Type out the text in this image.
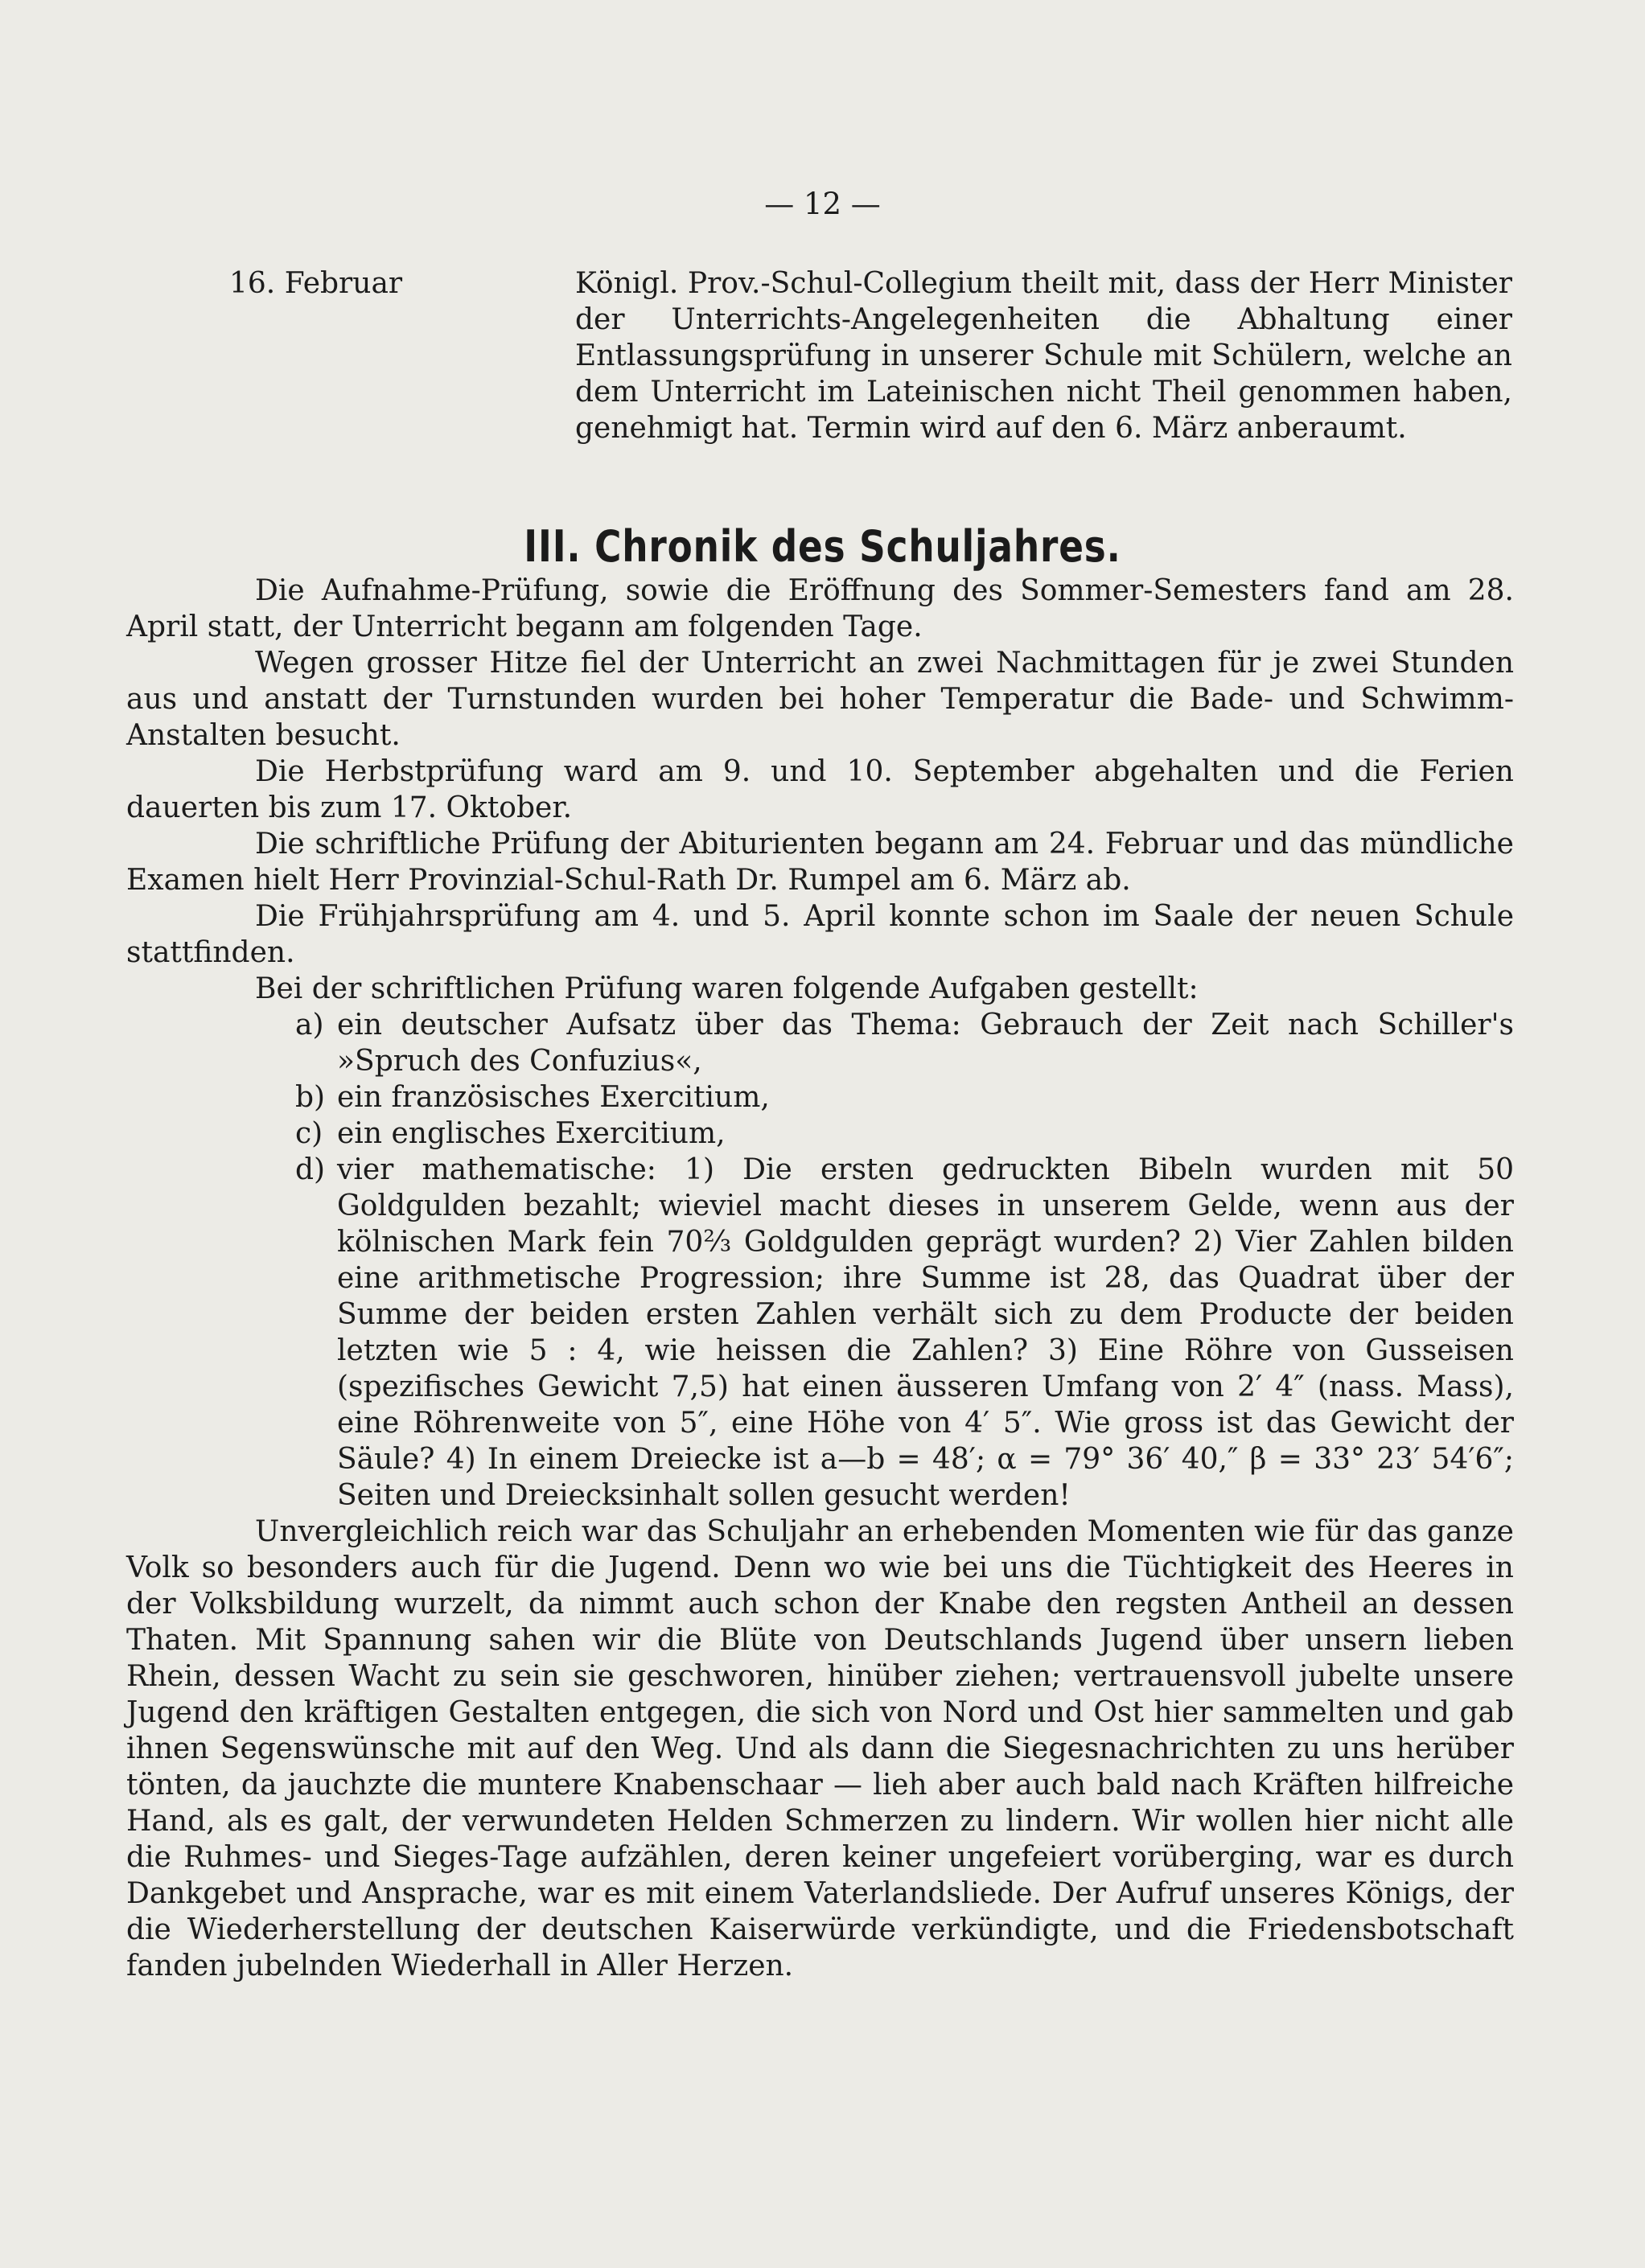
— 12 —
16. Februar	Königl. Prov.-Schul-Collegium theilt mit, dass der Herr Minister der Unterrichts-Angelegenheiten die Abhaltung einer Entlassungsprüfung in unserer Schule mit Schülern, welche an dem Unterricht im Lateinischen nicht Theil genommen haben, genehmigt hat. Termin wird auf den 6. März anberaumt.
III. Chronik des Schuljahres.

Die Aufnahme-Prüfung, sowie die Eröffnung des Sommer-Semesters fand am 28. April statt, der Unterricht begann am folgenden Tage.

Wegen grosser Hitze fiel der Unterricht an zwei Nachmittagen für je zwei Stunden aus und anstatt der Turnstunden wurden bei hoher Temperatur die Bade- und Schwimm-Anstalten besucht.

Die Herbstprüfung ward am 9. und 10. September abgehalten und die Ferien dauerten bis zum 17. Oktober.

Die schriftliche Prüfung der Abiturienten begann am 24. Februar und das mündliche Examen hielt Herr Provinzial-Schul-Rath Dr. Rumpel am 6. März ab.

Die Frühjahrsprüfung am 4. und 5. April konnte schon im Saale der neuen Schule stattfinden.

Bei der schriftlichen Prüfung waren folgende Aufgaben gestellt:

a) ein deutscher Aufsatz über das Thema: Gebrauch der Zeit nach Schiller's »Spruch des Confuzius«,
b) ein französisches Exercitium,
c) ein englisches Exercitium,
d) vier mathematische: 1) Die ersten gedruckten Bibeln wurden mit 50 Goldgulden bezahlt; wieviel macht dieses in unserem Gelde, wenn aus der kölnischen Mark fein 70⅔ Goldgulden geprägt wurden? 2) Vier Zahlen bilden eine arithmetische Progression; ihre Summe ist 28, das Quadrat über der Summe der beiden ersten Zahlen verhält sich zu dem Producte der beiden letzten wie 5 : 4, wie heissen die Zahlen? 3) Eine Röhre von Gusseisen (spezifisches Gewicht 7,5) hat einen äusseren Umfang von 2′ 4″ (nass. Mass), eine Röhrenweite von 5″, eine Höhe von 4′ 5″. Wie gross ist das Gewicht der Säule? 4) In einem Dreiecke ist a—b = 48′; α = 79° 36′ 40,″ β = 33° 23′ 54′6″; Seiten und Dreiecksinhalt sollen gesucht werden!

Unvergleichlich reich war das Schuljahr an erhebenden Momenten wie für das ganze Volk so besonders auch für die Jugend. Denn wo wie bei uns die Tüchtigkeit des Heeres in der Volksbildung wurzelt, da nimmt auch schon der Knabe den regsten Antheil an dessen Thaten. Mit Spannung sahen wir die Blüte von Deutschlands Jugend über unsern lieben Rhein, dessen Wacht zu sein sie geschworen, hinüber ziehen; vertrauensvoll jubelte unsere Jugend den kräftigen Gestalten entgegen, die sich von Nord und Ost hier sammelten und gab ihnen Segenswünsche mit auf den Weg. Und als dann die Siegesnachrichten zu uns herüber tönten, da jauchzte die muntere Knabenschaar — lieh aber auch bald nach Kräften hilfreiche Hand, als es galt, der verwundeten Helden Schmerzen zu lindern. Wir wollen hier nicht alle die Ruhmes- und Sieges-Tage aufzählen, deren keiner ungefeiert vorüberging, war es durch Dankgebet und Ansprache, war es mit einem Vaterlandsliede. Der Aufruf unseres Königs, der die Wiederherstellung der deutschen Kaiserwürde verkündigte, und die Friedensbotschaft fanden jubelnden Wiederhall in Aller Herzen.
